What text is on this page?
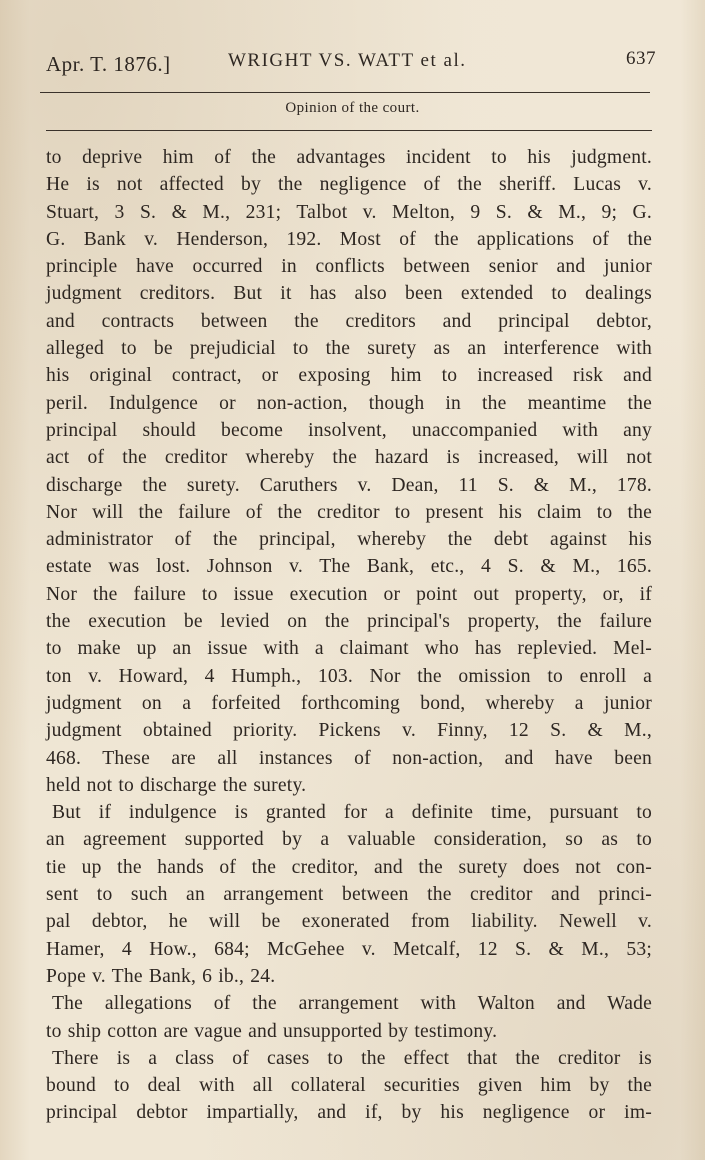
Apr. T. 1876.]	WRIGHT VS. WATT et al.	637
Opinion of the court.
to deprive him of the advantages incident to his judgment.
He is not affected by the negligence of the sheriff. Lucas v.
Stuart, 3 S. & M., 231; Talbot v. Melton, 9 S. & M., 9; G.
G. Bank v. Henderson, 192. Most of the applications of the
principle have occurred in conflicts between senior and junior
judgment creditors. But it has also been extended to dealings
and contracts between the creditors and principal debtor,
alleged to be prejudicial to the surety as an interference with
his original contract, or exposing him to increased risk and
peril. Indulgence or non-action, though in the meantime the
principal should become insolvent, unaccompanied with any
act of the creditor whereby the hazard is increased, will not
discharge the surety. Caruthers v. Dean, 11 S. & M., 178.
Nor will the failure of the creditor to present his claim to the
administrator of the principal, whereby the debt against his
estate was lost. Johnson v. The Bank, etc., 4 S. & M., 165.
Nor the failure to issue execution or point out property, or, if
the execution be levied on the principal's property, the failure
to make up an issue with a claimant who has replevied. Mel-
ton v. Howard, 4 Humph., 103. Nor the omission to enroll a
judgment on a forfeited forthcoming bond, whereby a junior
judgment obtained priority. Pickens v. Finny, 12 S. & M.,
468. These are all instances of non-action, and have been
held not to discharge the surety.
But if indulgence is granted for a definite time, pursuant to
an agreement supported by a valuable consideration, so as to
tie up the hands of the creditor, and the surety does not con-
sent to such an arrangement between the creditor and princi-
pal debtor, he will be exonerated from liability. Newell v.
Hamer, 4 How., 684; McGehee v. Metcalf, 12 S. & M., 53;
Pope v. The Bank, 6 ib., 24.
The allegations of the arrangement with Walton and Wade
to ship cotton are vague and unsupported by testimony.
There is a class of cases to the effect that the creditor is
bound to deal with all collateral securities given him by the
principal debtor impartially, and if, by his negligence or im-
